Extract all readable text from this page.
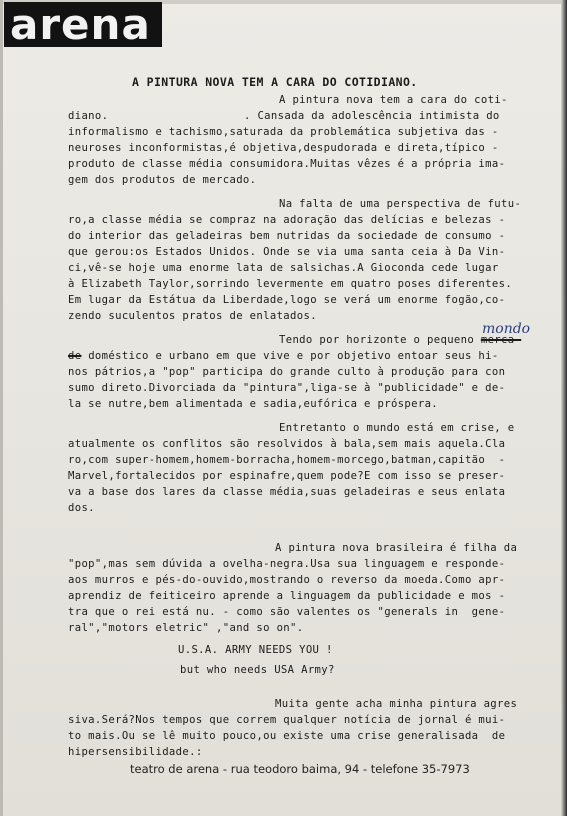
arena
A PINTURA NOVA TEM A CARA DO COTIDIANO.
A pintura nova tem a cara do coti-
diano.	. Cansada da adolescência intimista do
informalismo e tachismo,saturada da problemática subjetiva das -
neuroses inconformistas,é objetiva,despudorada e direta,típico -
produto de classe média consumidora.Muitas vêzes é a própria ima-
gem dos produtos de mercado.
Na falta de uma perspectiva de futu-
ro,a classe média se compraz na adoração das delícias e belezas -
do interior das geladeiras bem nutridas da sociedade de consumo -
que gerou:os Estados Unidos. Onde se via uma santa ceia à Da Vin-
ci,vê-se hoje uma enorme lata de salsichas.A Gioconda cede lugar
à Elizabeth Taylor,sorrindo levermente em quatro poses diferentes.
Em lugar da Estátua da Liberdade,logo se verá um enorme fogão,co-
zendo suculentos pratos de enlatados.
mondo
Tendo por horizonte o pequeno merca-
de doméstico e urbano em que vive e por objetivo entoar seus hi-
nos pátrios,a "pop" participa do grande culto à produção para con
sumo direto.Divorciada da "pintura",liga-se à "publicidade" e de-
la se nutre,bem alimentada e sadia,eufórica e próspera.
Entretanto o mundo está em crise, e
atualmente os conflitos são resolvidos à bala,sem mais aquela.Cla
ro,com super-homem,homem-borracha,homem-morcego,batman,capitão  -
Marvel,fortalecidos por espinafre,quem pode?E com isso se preser-
va a base dos lares da classe média,suas geladeiras e seus enlata
dos.
A pintura nova brasileira é filha da
"pop",mas sem dúvida a ovelha-negra.Usa sua linguagem e responde-
aos murros e pés-do-ouvido,mostrando o reverso da moeda.Como apr-
aprendiz de feiticeiro aprende a linguagem da publicidade e mos -
tra que o rei está nu. - como são valentes os "generals in  gene-
ral","motors eletric" ,"and so on".
U.S.A. ARMY NEEDS YOU !
but who needs USA Army?
Muita gente acha minha pintura agres
siva.Será?Nos tempos que correm qualquer notícia de jornal é mui-
to mais.Ou se lê muito pouco,ou existe uma crise generalisada  de
hipersensibilidade.:
teatro de arena - rua teodoro baima, 94 - telefone 35-7973
